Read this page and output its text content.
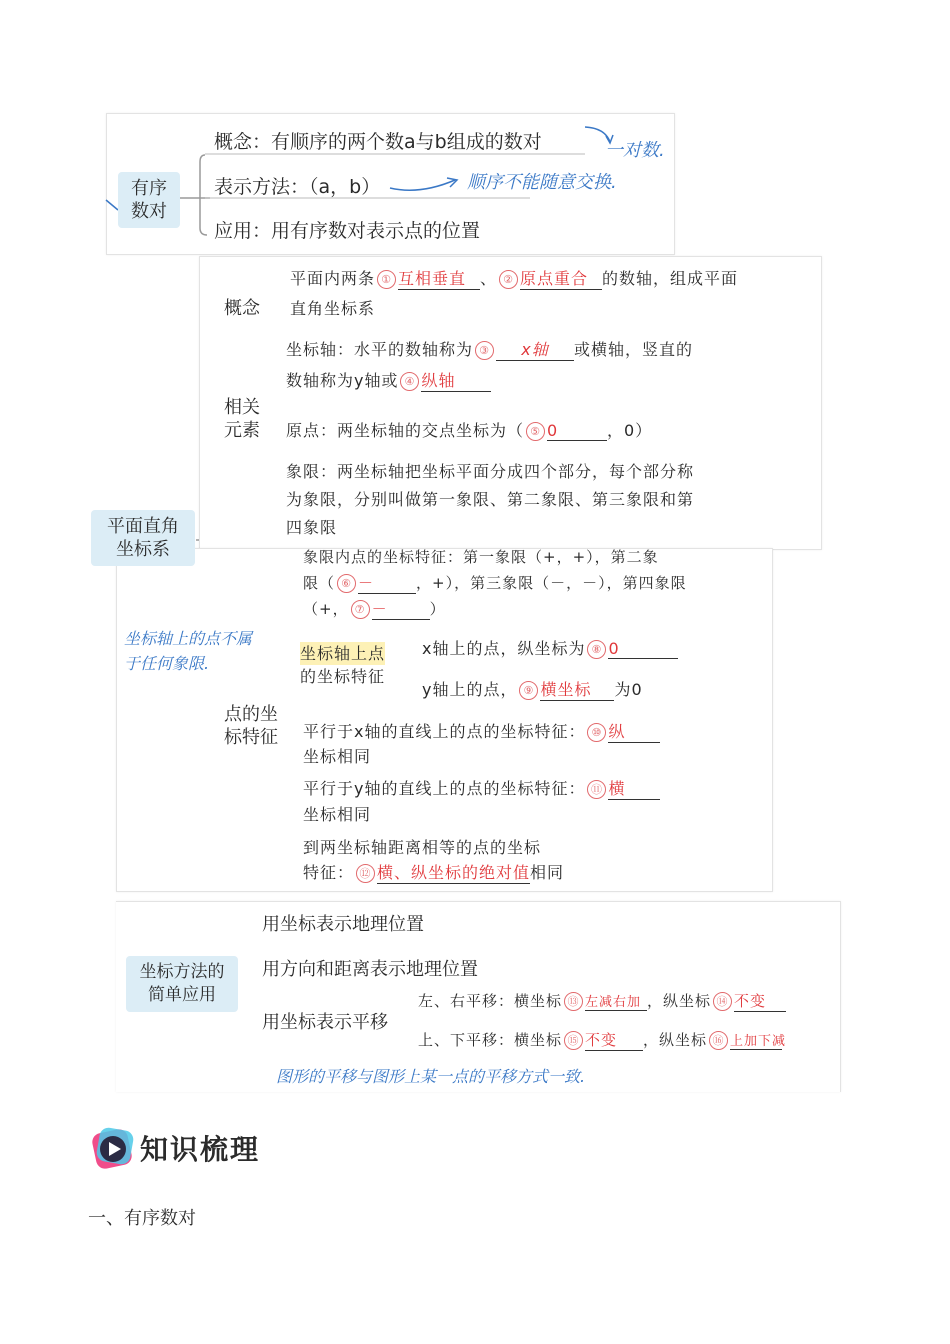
有序
数对
概念：有顺序的两个数a与b组成的数对	一对数.
表示方法：（a，b）	顺序不能随意交换.
应用：用有序数对表示点的位置
平面直角
坐标系
概念
平面内两条 ① 互相垂直 、 ② 原点重合 的数轴，组成平面
直角坐标系
相关
元素
坐标轴：水平的数轴称为 ③ x轴 或横轴，竖直的
数轴称为y轴或 ④ 纵轴
原点：两坐标轴的交点坐标为（ ⑤ 0	，0）
象限：两坐标轴把坐标平面分成四个部分，每个部分称
为象限，分别叫做第一象限、第二象限、第三象限和第
四象限
点的坐
标特征
象限内点的坐标特征：第一象限（+，+），第二象
限（ ⑥ －	，+），第三象限（－，－），第四象限
（+， ⑦ －	）
坐标轴上的点不属
于任何象限.
坐标轴上点
的坐标特征
x轴上的点，纵坐标为 ⑧ 0
y轴上的点， ⑨ 横坐标 为0
平行于x轴的直线上的点的坐标特征： ⑩ 纵
坐标相同
平行于y轴的直线上的点的坐标特征： ⑪ 横
坐标相同
到两坐标轴距离相等的点的坐标
特征： ⑫ 横、纵坐标的绝对值相同
坐标方法的
简单应用
用坐标表示地理位置
用方向和距离表示地理位置
用坐标表示平移
左、右平移：横坐标 ⑬ 左减右加 ，纵坐标 ⑭ 不变
上、下平移：横坐标 ⑮ 不变 ，纵坐标 ⑯ 上加下减
图形的平移与图形上某一点的平移方式一致.
知识梳理
一、有序数对
